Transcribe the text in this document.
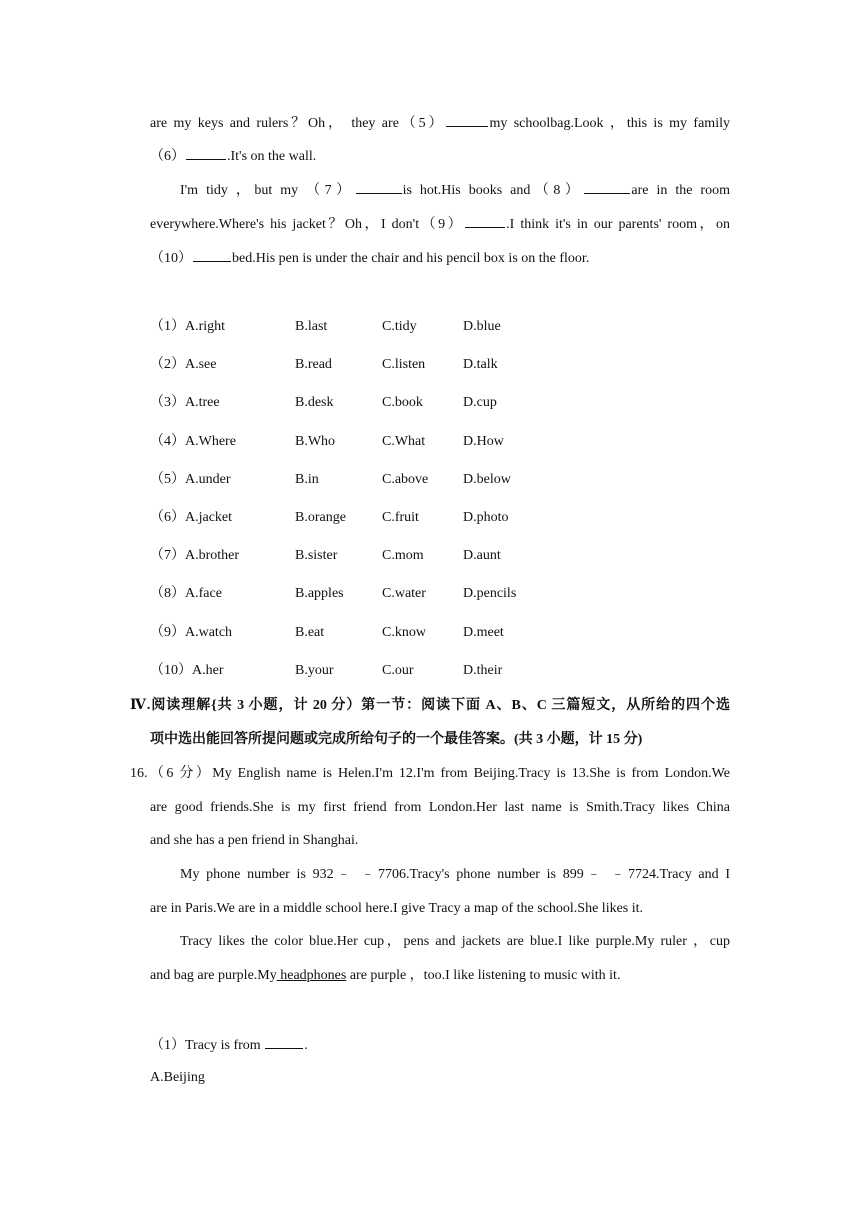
are my keys and rulers？Oh， they are（5）	my schoolbag.Look ，this is my family
（6）	.It's on the wall.
I'm tidy ，but my （7）	is hot.His books and（8）	are in the room
everywhere.Where's his jacket？Oh，I don't（9）	.I think it's in our parents' room，on
（10）	bed.His pen is under the chair and his pencil box is on the floor.
（1）A.right	B.last	C.tidy	D.blue
（2）A.see	B.read	C.listen	D.talk
（3）A.tree	B.desk	C.book	D.cup
（4）A.Where	B.Who	C.What	D.How
（5）A.under	B.in	C.above D.below
（6）A.jacket	B.orange	C.fruit	D.photo
（7）A.brother	B.sister	C.mom	D.aunt
（8）A.face	B.apples	C.water	D.pencils
（9）A.watch	B.eat	C.know	D.meet
（10）A.her	B.your	C.our	D.their
Ⅳ.阅读理解{共 3 小题，计 20 分）第一节：阅读下面 A、B、C 三篇短文，从所给的四个选
项中选出能回答所提问题或完成所给句子的一个最佳答案。(共 3 小题，计 15 分)
16.（6 分）My English name is Helen.I'm 12.I'm from Beijing.Tracy is 13.She is from London.We
are good friends.She is my first friend from London.Her last name is Smith.Tracy likes China
and she has a pen friend in Shanghai.
My phone number is 932﹣ ﹣7706.Tracy's phone number is 899﹣ ﹣7724.Tracy and I
are in Paris.We are in a middle school here.I give Tracy a map of the school.She likes it.
Tracy likes the color blue.Her cup，pens and jackets are blue.I like purple.My ruler ，cup
and bag are purple.My headphones are purple ，too.I like listening to music with it.
（1）Tracy is from	.
A.Beijing
